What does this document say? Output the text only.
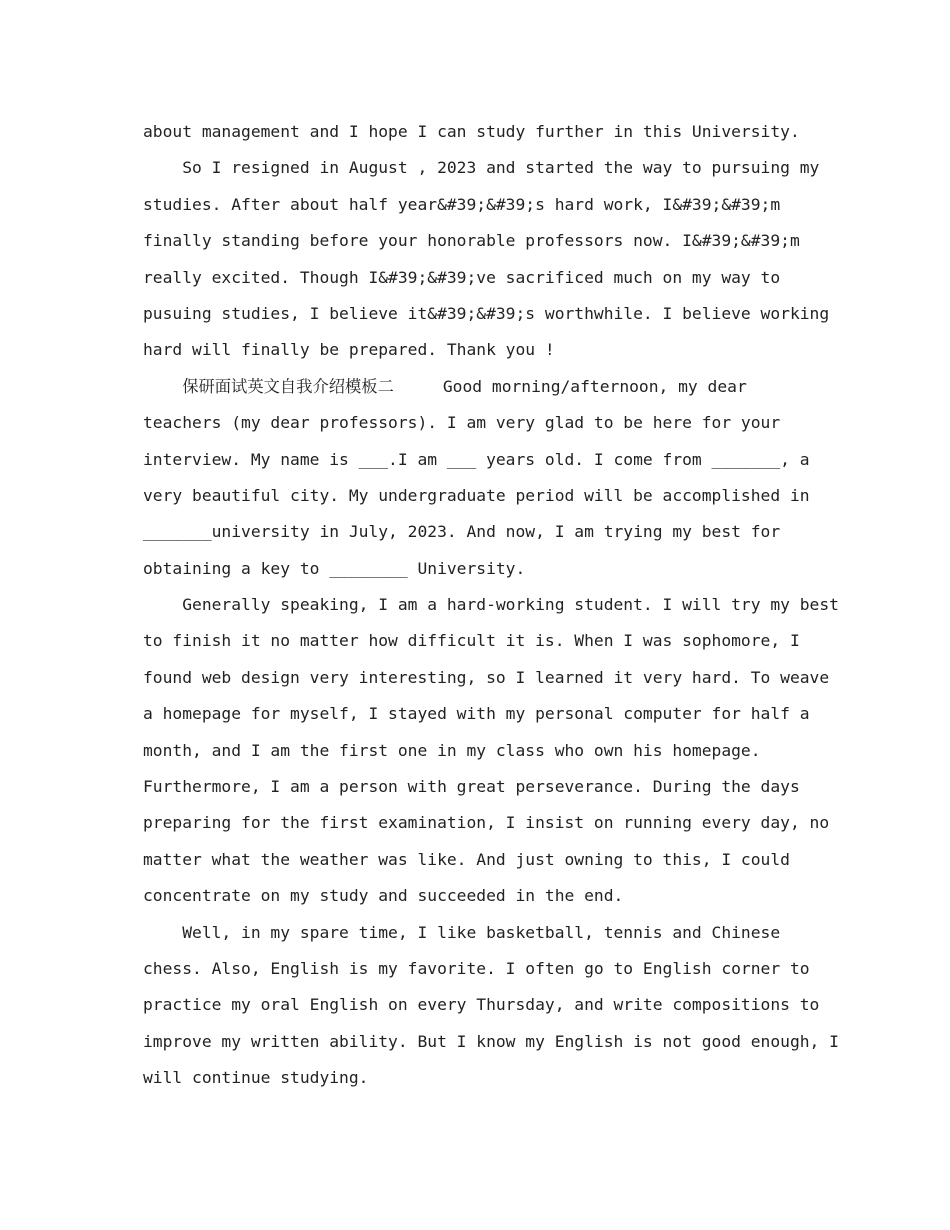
about management and I hope I can study further in this University.
So I resigned in August , 2023 and started the way to pursuing my
studies. After about half year&#39;&#39;s hard work, I&#39;&#39;m
finally standing before your honorable professors now. I&#39;&#39;m
really excited. Though I&#39;&#39;ve sacrificed much on my way to
pusuing studies, I believe it&#39;&#39;s worthwhile. I believe working
hard will finally be prepared. Thank you !
保研面试英文自我介绍模板二     Good morning/afternoon, my dear
teachers (my dear professors). I am very glad to be here for your
interview. My name is ___.I am ___ years old. I come from _______, a
very beautiful city. My undergraduate period will be accomplished in
_______university in July, 2023. And now, I am trying my best for
obtaining a key to ________ University.
Generally speaking, I am a hard-working student. I will try my best
to finish it no matter how difficult it is. When I was sophomore, I
found web design very interesting, so I learned it very hard. To weave
a homepage for myself, I stayed with my personal computer for half a
month, and I am the first one in my class who own his homepage.
Furthermore, I am a person with great perseverance. During the days
preparing for the first examination, I insist on running every day, no
matter what the weather was like. And just owning to this, I could
concentrate on my study and succeeded in the end.
Well, in my spare time, I like basketball, tennis and Chinese
chess. Also, English is my favorite. I often go to English corner to
practice my oral English on every Thursday, and write compositions to
improve my written ability. But I know my English is not good enough, I
will continue studying.
